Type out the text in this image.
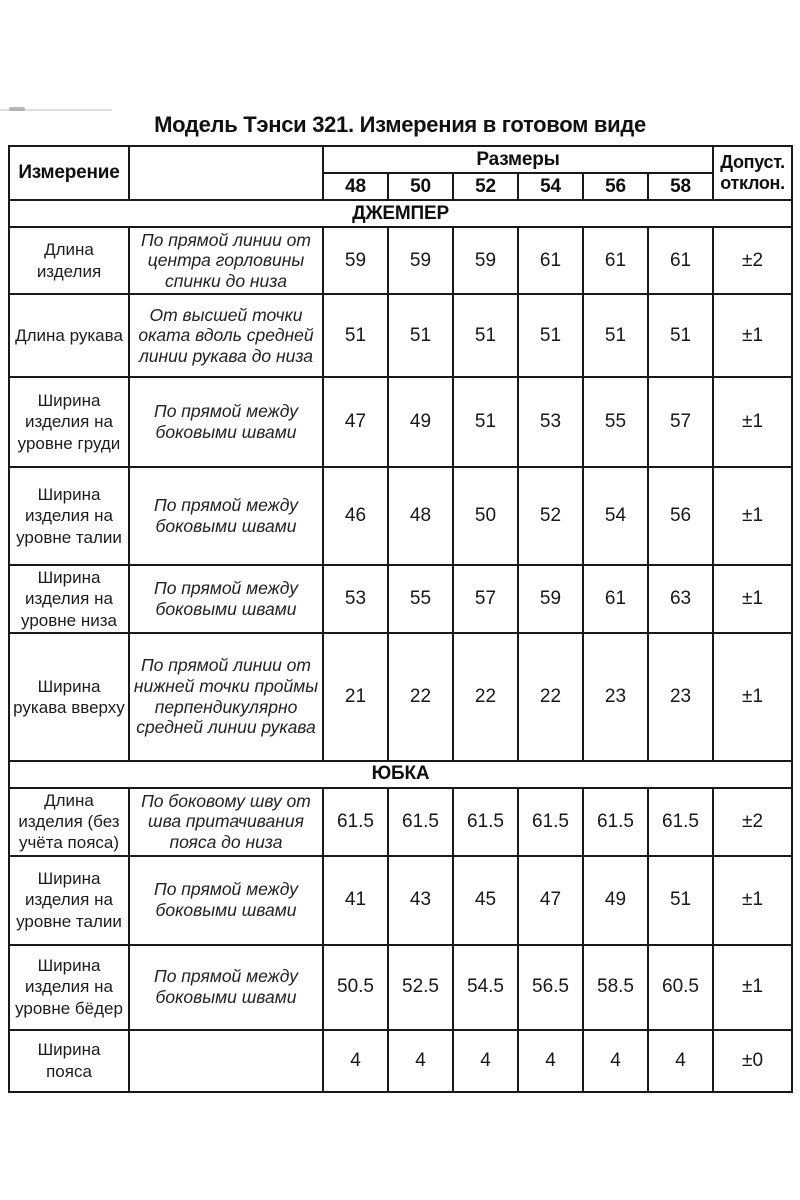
Модель Тэнси 321. Измерения в готовом виде
Измерение		Размеры						Допуст.
отклон.
		48	50	52	54	56	58	
ДЖЕМПЕР								
Длина изделия	По прямой линии от центра горловины спинки до низа	59	59	59	61	61	61	±2
Длина рукава	От высшей точки оката вдоль средней линии рукава до низа	51	51	51	51	51	51	±1
Ширина изделия на уровне груди	По прямой между боковыми швами	47	49	51	53	55	57	±1
Ширина изделия на уровне талии	По прямой между боковыми швами	46	48	50	52	54	56	±1
Ширина изделия на уровне низа	По прямой между боковыми швами	53	55	57	59	61	63	±1
Ширина рукава вверху	По прямой линии от нижней точки проймы перпендикулярно средней линии рукава	21	22	22	22	23	23	±1
ЮБКА								
Длина изделия (без учёта пояса)	По боковому шву от шва притачивания пояса до низа	61.5	61.5	61.5	61.5	61.5	61.5	±2
Ширина изделия на уровне талии	По прямой между боковыми швами	41	43	45	47	49	51	±1
Ширина изделия на уровне бёдер	По прямой между боковыми швами	50.5	52.5	54.5	56.5	58.5	60.5	±1
Ширина пояса		4	4	4	4	4	4	±0
